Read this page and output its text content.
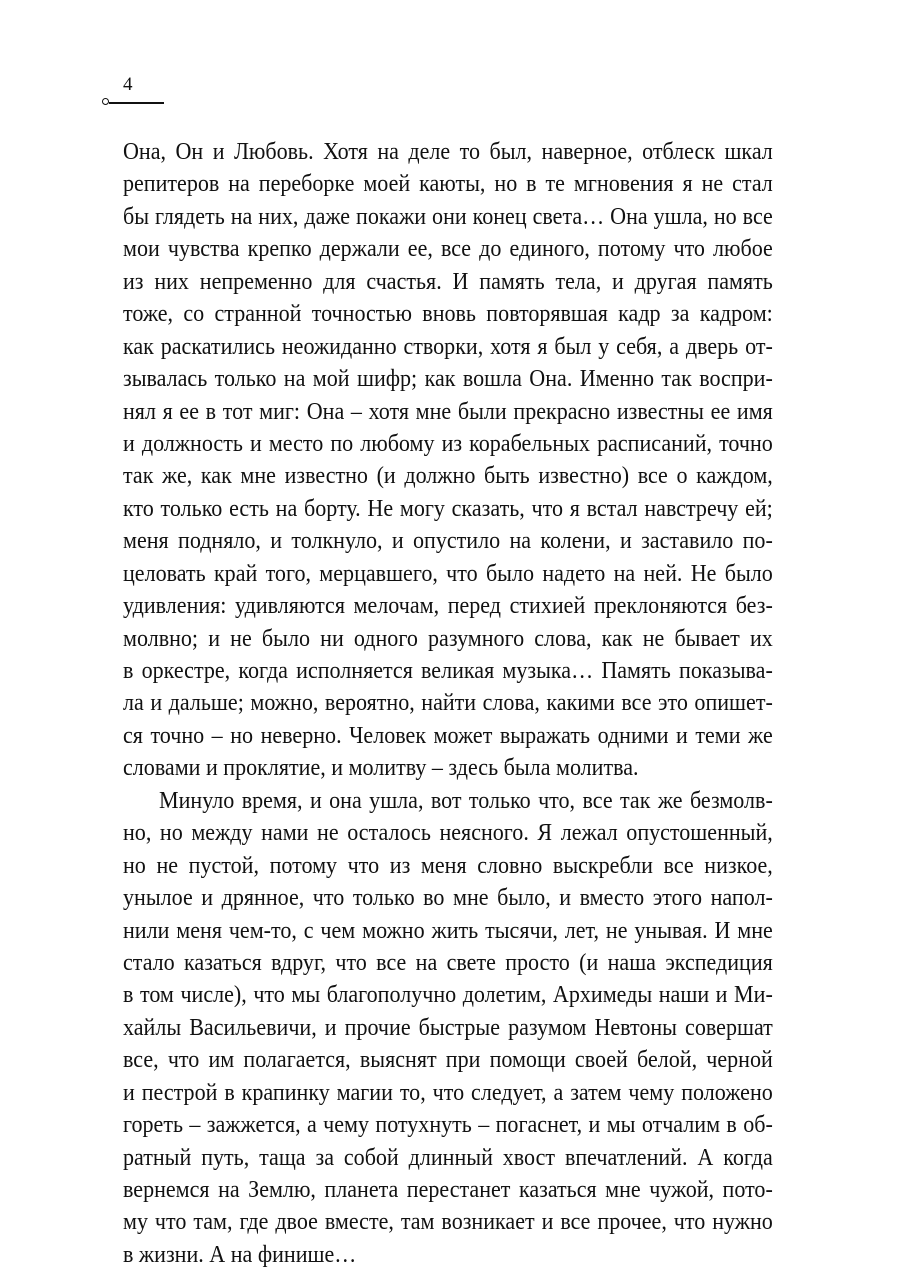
4
Она, Он и Любовь. Хотя на деле то был, наверное, отблеск шкал
репитеров на переборке моей каюты, но в те мгновения я не стал
бы глядеть на них, даже покажи они конец света… Она ушла, но все
мои чувства крепко держали ее, все до единого, потому что любое
из них непременно для счастья. И память тела, и другая память
тоже, со странной точностью вновь повторявшая кадр за кадром:
как раскатились неожиданно створки, хотя я был у себя, а дверь от-
зывалась только на мой шифр; как вошла Она. Именно так воспри-
нял я ее в тот миг: Она – хотя мне были прекрасно известны ее имя
и должность и место по любому из корабельных расписаний, точно
так же, как мне известно (и должно быть известно) все о каждом,
кто только есть на борту. Не могу сказать, что я встал навстречу ей;
меня подняло, и толкнуло, и опустило на колени, и заставило по-
целовать край того, мерцавшего, что было надето на ней. Не было
удивления: удивляются мелочам, перед стихией преклоняются без-
молвно; и не было ни одного разумного слова, как не бывает их
в оркестре, когда исполняется великая музыка… Память показыва-
ла и дальше; можно, вероятно, найти слова, какими все это опишет-
ся точно – но неверно. Человек может выражать одними и теми же
словами и проклятие, и молитву – здесь была молитва.
Минуло время, и она ушла, вот только что, все так же безмолв-
но, но между нами не осталось неясного. Я лежал опустошенный,
но не пустой, потому что из меня словно выскребли все низкое,
унылое и дрянное, что только во мне было, и вместо этого напол-
нили меня чем-то, с чем можно жить тысячи, лет, не унывая. И мне
стало казаться вдруг, что все на свете просто (и наша экспедиция
в том числе), что мы благополучно долетим, Архимеды наши и Ми-
хайлы Васильевичи, и прочие быстрые разумом Невтоны совершат
все, что им полагается, выяснят при помощи своей белой, черной
и пестрой в крапинку магии то, что следует, а затем чему положено
гореть – зажжется, а чему потухнуть – погаснет, и мы отчалим в об-
ратный путь, таща за собой длинный хвост впечатлений. А когда
вернемся на Землю, планета перестанет казаться мне чужой, пото-
му что там, где двое вместе, там возникает и все прочее, что нужно
в жизни. А на финише…
